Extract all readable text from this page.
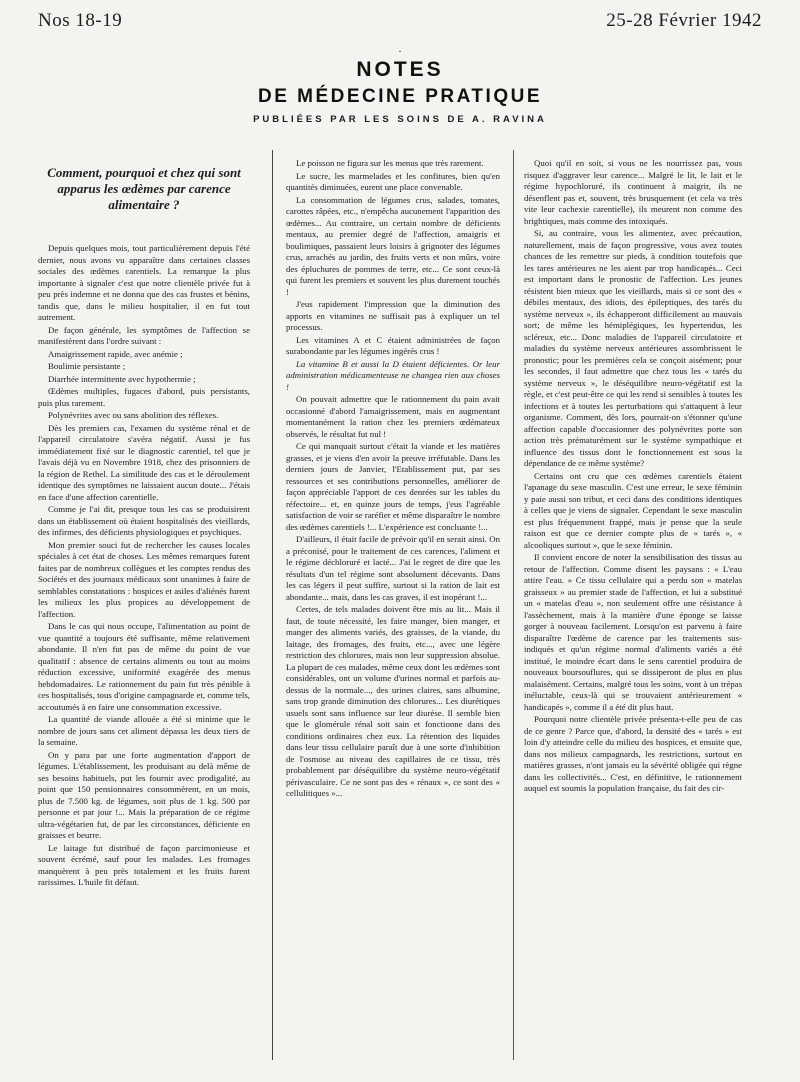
Nos 18-19	25-28 Février 1942
·
NOTES
DE MÉDECINE PRATIQUE
PUBLIÉES PAR LES SOINS DE A. RAVINA
Comment, pourquoi et chez qui sont apparus les œdèmes par carence alimentaire ?

Depuis quelques mois, tout particulièrement depuis l'été dernier, nous avons vu apparaître dans certaines classes sociales des œdèmes carentiels. La remarque la plus importante à signaler c'est que notre clientèle privée fut à peu près indemne et ne donna que des cas frustes et bénins, tandis que, dans le milieu hospitalier, il en fut tout autrement.

De façon générale, les symptômes de l'affection se manifestèrent dans l'ordre suivant :

Amaigrissement rapide, avec anémie ;

Boulimie persistante ;

Diarrhée intermittente avec hypothermie ;

Œdèmes multiples, fugaces d'abord, puis persistants, puis plus rarement.

Polynévrites avec ou sans abolition des réflexes.

Dès les premiers cas, l'examen du système rénal et de l'appareil circulatoire s'avéra négatif. Aussi je fus immédiatement fixé sur le diagnostic carentiel, tel que je l'avais déjà vu en Novembre 1918, chez des prisonniers de la région de Rethel. La similitude des cas et le déroulement identique des symptômes ne laissaient aucun doute... J'étais en face d'une affection carentielle.

Comme je l'ai dit, presque tous les cas se produisirent dans un établissement où étaient hospitalisés des vieillards, des infirmes, des déficients physiologiques et psychiques.

Mon premier souci fut de rechercher les causes locales spéciales à cet état de choses. Les mêmes remarques furent faites par de nombreux collègues et les comptes rendus des Sociétés et des journaux médicaux sont unanimes à faire de semblables constatations : hospices et asiles d'aliénés furent les milieux les plus propices au développement de l'affection.

Dans le cas qui nous occupe, l'alimentation au point de vue quantité a toujours été suffisante, même relativement abondante. Il n'en fut pas de même du point de vue qualitatif : absence de certains aliments ou tout au moins réduction excessive, uniformité exagérée des menus hebdomadaires. Le rationnement du pain fut très pénible à ces hospitalisés, tous d'origine campagnarde et, comme tels, accoutumés à en faire une consommation excessive.

La quantité de viande allouée a été si minime que le nombre de jours sans cet aliment dépassa les deux tiers de la semaine.

On y para par une forte augmentation d'apport de légumes. L'établissement, les produisant au delà même de ses besoins habituels, put les fournir avec prodigalité, au point que 150 pensionnaires consommèrent, en un mois, plus de 7.500 kg. de légumes, soit plus de 1 kg. 500 par personne et par jour !... Mais la préparation de ce régime ultra-végétarien fut, de par les circonstances, déficiente en graisses et beurre.

Le laitage fut distribué de façon parcimonieuse et souvent écrémé, sauf pour les malades. Les fromages manquèrent à peu près totalement et les fruits furent rarissimes. L'huile fit défaut.

Le poisson ne figura sur les menus que très rarement.

Le sucre, les marmelades et les confitures, bien qu'en quantités diminuées, eurent une place convenable.

La consommation de légumes crus, salades, tomates, carottes râpées, etc., n'empêcha aucunement l'apparition des œdèmes... Au contraire, un certain nombre de déficients mentaux, au premier degré de l'affection, amaigris et boulimiques, passaient leurs loisirs à grignoter des légumes crus, arrachés au jardin, des fruits verts et non mûrs, voire des épluchures de pommes de terre, etc... Ce sont ceux-là qui furent les premiers et souvent les plus durement touchés !

J'eus rapidement l'impression que la diminution des apports en vitamines ne suffisait pas à expliquer un tel processus.

Les vitamines A et C étaient administrées de façon surabondante par les légumes ingérés crus !

La vitamine B et aussi la D étaient déficientes. Or leur administration médicamenteuse ne changea rien aux choses !

On pouvait admettre que le rationnement du pain avait occasionné d'abord l'amaigrissement, mais en augmentant momentanément la ration chez les premiers œdémateux observés, le résultat fut nul !

Ce qui manquait surtout c'était la viande et les matières grasses, et je viens d'en avoir la preuve irréfutable. Dans les derniers jours de Janvier, l'Etablissement put, par ses ressources et ses contributions personnelles, améliorer de façon appréciable l'apport de ces denrées sur les tables du réfectoire... et, en quinze jours de temps, j'eus l'agréable satisfaction de voir se raréfier et même disparaître le nombre des œdèmes carentiels !... L'expérience est concluante !...

D'ailleurs, il était facile de prévoir qu'il en serait ainsi. On a préconisé, pour le traitement de ces carences, l'aliment et le régime déchloruré et lacté... J'ai le regret de dire que les résultats d'un tel régime sont absolument décevants. Dans les cas légers il peut suffire, surtout si la ration de lait est abondante... mais, dans les cas graves, il est inopérant !...

Certes, de tels malades doivent être mis au lit... Mais il faut, de toute nécessité, les faire manger, bien manger, et manger des aliments variés, des graisses, de la viande, du laitage, des fromages, des fruits, etc..., avec une légère restriction des chlorures, mais non leur suppression absolue. La plupart de ces malades, même ceux dont les œdèmes sont considérables, ont un volume d'urines normal et parfois au-dessus de la normale..., des urines claires, sans albumine, sans trop grande diminution des chlorures... Les diurétiques usuels sont sans influence sur leur diurèse. Il semble bien que le glomérule rénal soit sain et fonctionne dans des conditions ordinaires chez eux. La rétention des liquides dans leur tissu cellulaire paraît due à une sorte d'inhibition de l'osmose au niveau des capillaires de ce tissu, très probablement par déséquilibre du système neuro-végétatif périvasculaire. Ce ne sont pas des « rénaux », ce sont des « cellulitiques »...

Quoi qu'il en soit, si vous ne les nourrissez pas, vous risquez d'aggraver leur carence... Malgré le lit, le lait et le régime hypochloruré, ils continuent à maigrir, ils ne désenflent pas et, souvent, très brusquement (et cela va très vite leur cachexie carentielle), ils meurent non comme des brightiques, mais comme des intoxiqués.

Si, au contraire, vous les alimentez, avec précaution, naturellement, mais de façon progressive, vous avez toutes chances de les remettre sur pieds, à condition toutefois que les tares antérieures ne les aient par trop handicapés... Ceci est important dans le pronostic de l'affection. Les jeunes résistent bien mieux que les vieillards, mais si ce sont des « débiles mentaux, des idiots, des épileptiques, des tarés du système nerveux », ils échapperont difficilement au mauvais sort; de même les hémiplégiques, les hypertendus, les scléreux, etc... Donc maladies de l'appareil circulatoire et maladies du système nerveux antérieures assombrissent le pronostic; pour les premières cela se conçoit aisément; pour les secondes, il faut admettre que chez tous les « tarés du système nerveux », le déséquilibre neuro-végétatif est la règle, et c'est peut-être ce qui les rend si sensibles à toutes les infections et à toutes les perturbations qui s'attaquent à leur organisme. Comment, dès lors, pourrait-on s'étonner qu'une affection capable d'occasionner des polynévrites porte son action très prématurément sur le système sympathique et influence des tissus dont le fonctionnement est sous la dépendance de ce même système?

Certains ont cru que ces œdèmes carentiels étaient l'apanage du sexe masculin. C'est une erreur, le sexe féminin y paie aussi son tribut, et ceci dans des conditions identiques à celles que je viens de signaler. Cependant le sexe masculin est plus fréquemment frappé, mais je pense que la seule raison est que ce dernier compte plus de « tarés », « alcooliques surtout », que le sexe féminin.

Il convient encore de noter la sensibilisation des tissus au retour de l'affection. Comme disent les paysans : « L'eau attire l'eau. » Ce tissu cellulaire qui a perdu son « matelas graisseux » au premier stade de l'affection, et lui a substitué un « matelas d'eau », non seulement offre une résistance à l'assèchement, mais à la manière d'une éponge se laisse gorger à nouveau facilement. Lorsqu'on est parvenu à faire disparaître l'œdème de carence par les traitements sus-indiqués et qu'un régime normal d'aliments variés a été institué, le moindre écart dans le sens carentiel produira de nouveaux boursouflures, qui se dissiperont de plus en plus malaisément. Certains, malgré tous les soins, vont à un trépas inéluctable, ceux-là qui se trouvaient antérieurement « handicapés », comme il a été dit plus haut.

Pourquoi notre clientèle privée présenta-t-elle peu de cas de ce genre ? Parce que, d'abord, la densité des « tarés » est loin d'y atteindre celle du milieu des hospices, et ensuite que, dans nos milieux campagnards, les restrictions, surtout en matières grasses, n'ont jamais eu la sévérité obligée qui règne dans les collectivités... C'est, en définitive, le rationnement auquel est soumis la population française, du fait des cir-
